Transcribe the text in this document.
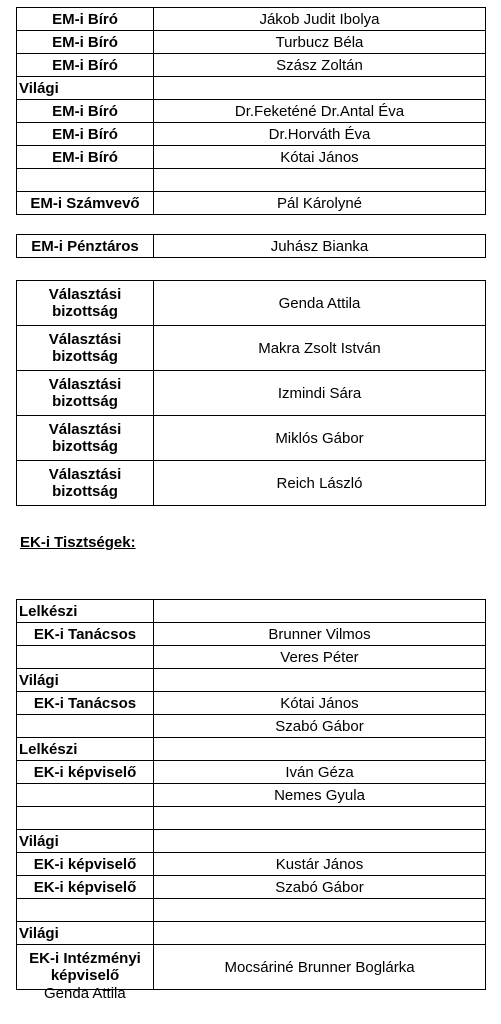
EM-i Bíró	Jákob Judit Ibolya
EM-i Bíró	Turbucz Béla
EM-i Bíró	Szász Zoltán
Világi	
EM-i Bíró	Dr.Feketéné Dr.Antal Éva
EM-i Bíró	Dr.Horváth Éva
EM-i Bíró	Kótai János

EM-i Számvevő	Pál Károlyné
EM-i Pénztáros	Juhász Bianka
Választási bizottság	Genda Attila
Választási bizottság	Makra Zsolt István
Választási bizottság	Izmindi Sára
Választási bizottság	Miklós Gábor
Választási bizottság	Reich László
EK-i Tisztségek:
Lelkészi	
EK-i Tanácsos	Brunner Vilmos
	Veres Péter
Világi	
EK-i Tanácsos	Kótai János
	Szabó Gábor
Lelkészi	
EK-i képviselő	Iván Géza
	Nemes Gyula

Világi	
EK-i képviselő	Kustár János
EK-i képviselő	Szabó Gábor

Világi	
EK-i Intézményi képviselő	Mocsáriné Brunner Boglárka
Genda Attila
